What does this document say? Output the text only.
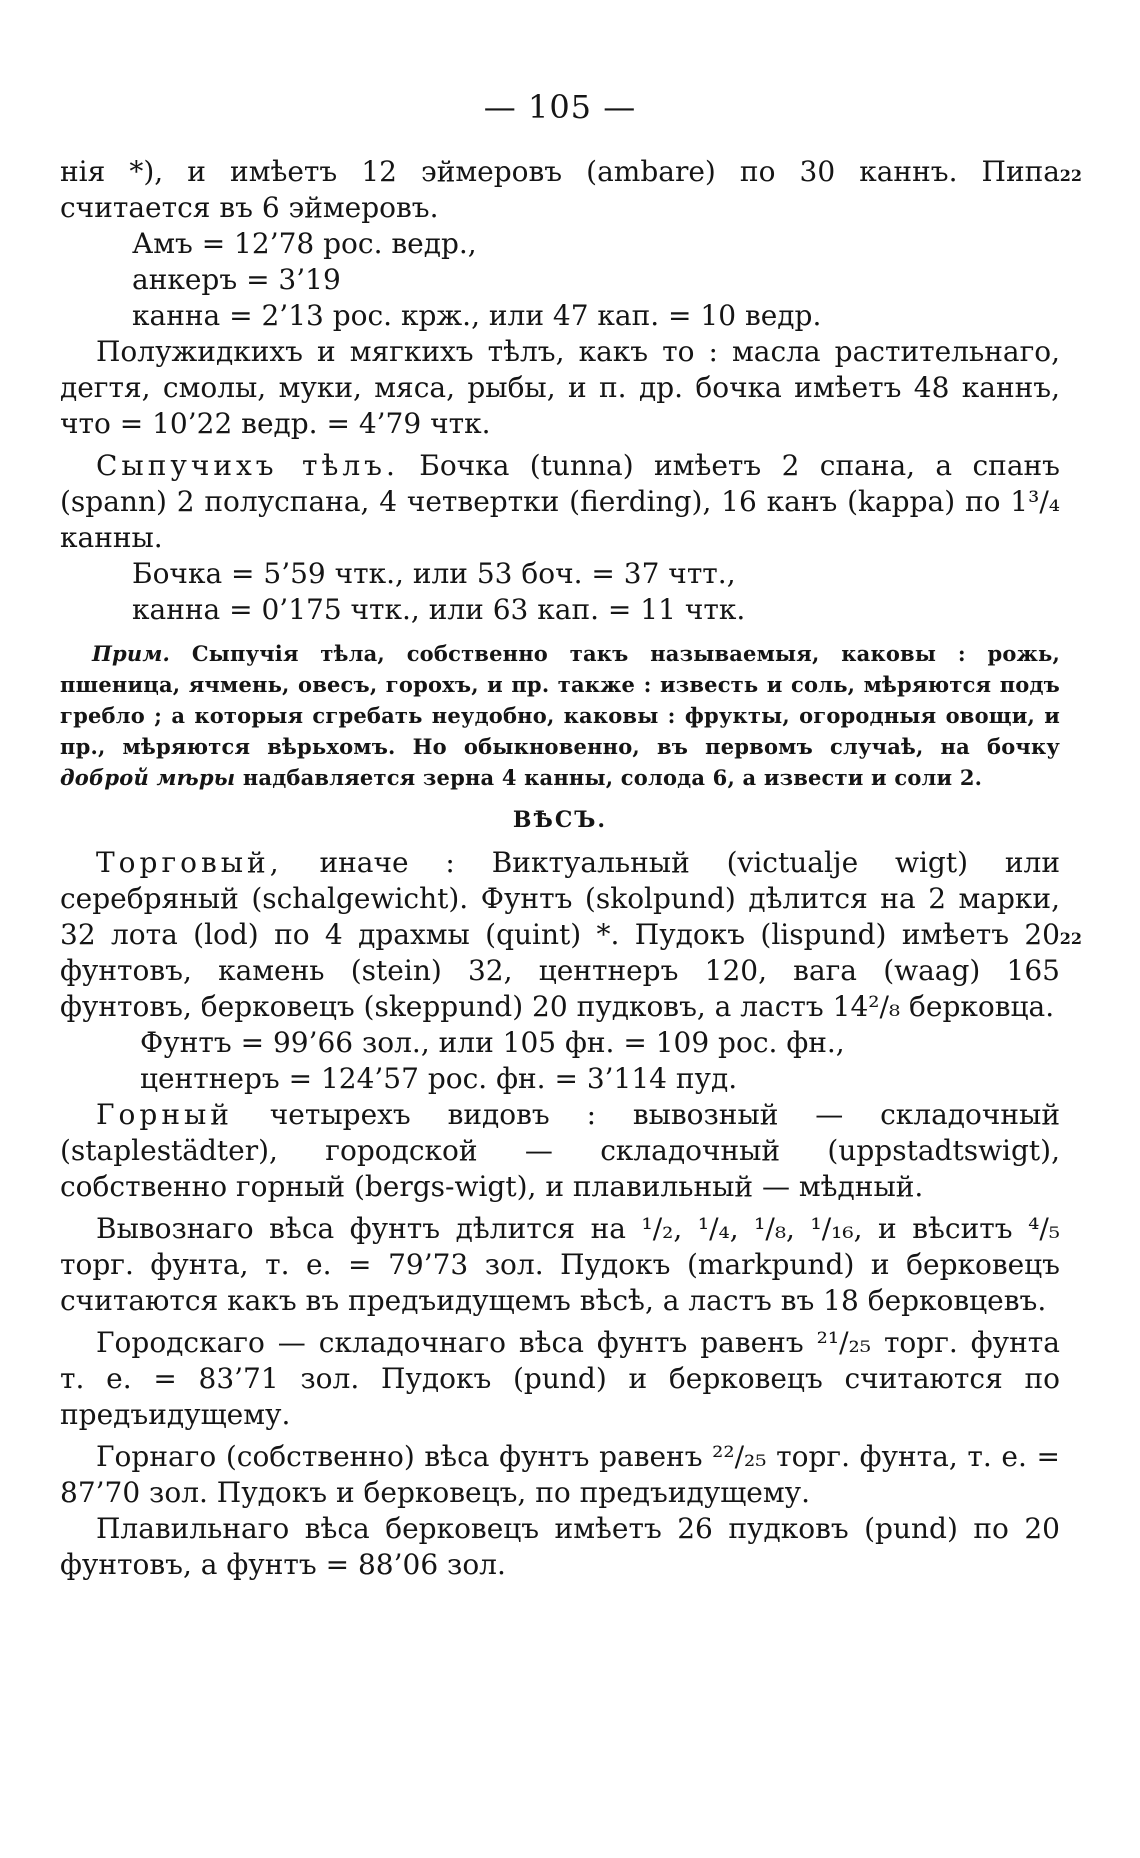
— 105 —

нія *), и имѣетъ 12 эймеровъ (ambare) по 30 каннъ. Пипа считается въ 6 эймеровъ.
22

Амъ = 12’78 рос. ведр.,
анкеръ = 3’19
канна = 2’13 рос. крж., или 47 кап. = 10 ведр.

Полужидкихъ и мягкихъ тѣлъ, какъ то : масла растительнаго, дегтя, смолы, муки, мяса, рыбы, и п. др. бочка имѣетъ 48 каннъ, что = 10’22 ведр. = 4’79 чтк.

Сыпучихъ тѣлъ. Бочка (tunna) имѣетъ 2 спана, а спанъ (spann) 2 полуспана, 4 четвертки (fierding), 16 канъ (kappa) по 1³/₄ канны.

Бочка = 5’59 чтк., или 53 боч. = 37 чтт.,
канна = 0’175 чтк., или 63 кап. = 11 чтк.

Прим. Сыпучія тѣла, собственно такъ называемыя, каковы : рожь, пшеница, ячмень, овесъ, горохъ, и пр. также : известь и соль, мѣряются подъ гребло ; а которыя сгребать неудобно, каковы : фрукты, огородныя овощи, и пр., мѣряются вѣрьхомъ. Но обыкновенно, въ первомъ случаѣ, на бочку доброй мѣры надбавляется зерна 4 канны, солода 6, а извести и соли 2.

ВѢСЪ.

Торговый, иначе : Виктуальный (victualje wigt) или серебряный (schalgewicht). Фунтъ (skolpund) дѣлится на 2 марки, 32 лота (lod) по 4 драхмы (quint) *. Пудокъ (lispund) имѣетъ 20 фунтовъ, камень (stein) 32, центнеръ 120, вага (waag) 165 фунтовъ, берковецъ (skeppund) 20 пудковъ, а ластъ 14²/₈ берковца.
22

Фунтъ = 99’66 зол., или 105 фн. = 109 рос. фн.,
центнеръ = 124’57 рос. фн. = 3’114 пуд.

Горный четырехъ видовъ : вывозный — складочный (staplestädter), городской — складочный (uppstadtswigt), собственно горный (bergs-wigt), и плавильный — мѣдный.

Вывознаго вѣса фунтъ дѣлится на ¹/₂, ¹/₄, ¹/₈, ¹/₁₆, и вѣситъ ⁴/₅ торг. фунта, т. е. = 79’73 зол. Пудокъ (markpund) и берковецъ считаются какъ въ предъидущемъ вѣсѣ, а ластъ въ 18 берковцевъ.

Городскаго — складочнаго вѣса фунтъ равенъ ²¹/₂₅ торг. фунта т. е. = 83’71 зол. Пудокъ (pund) и берковецъ считаются по предъидущему.

Горнаго (собственно) вѣса фунтъ равенъ ²²/₂₅ торг. фунта, т. е. = 87’70 зол. Пудокъ и берковецъ, по предъидущему.

Плавильнаго вѣса берковецъ имѣетъ 26 пудковъ (pund) по 20 фунтовъ, а фунтъ = 88’06 зол.
